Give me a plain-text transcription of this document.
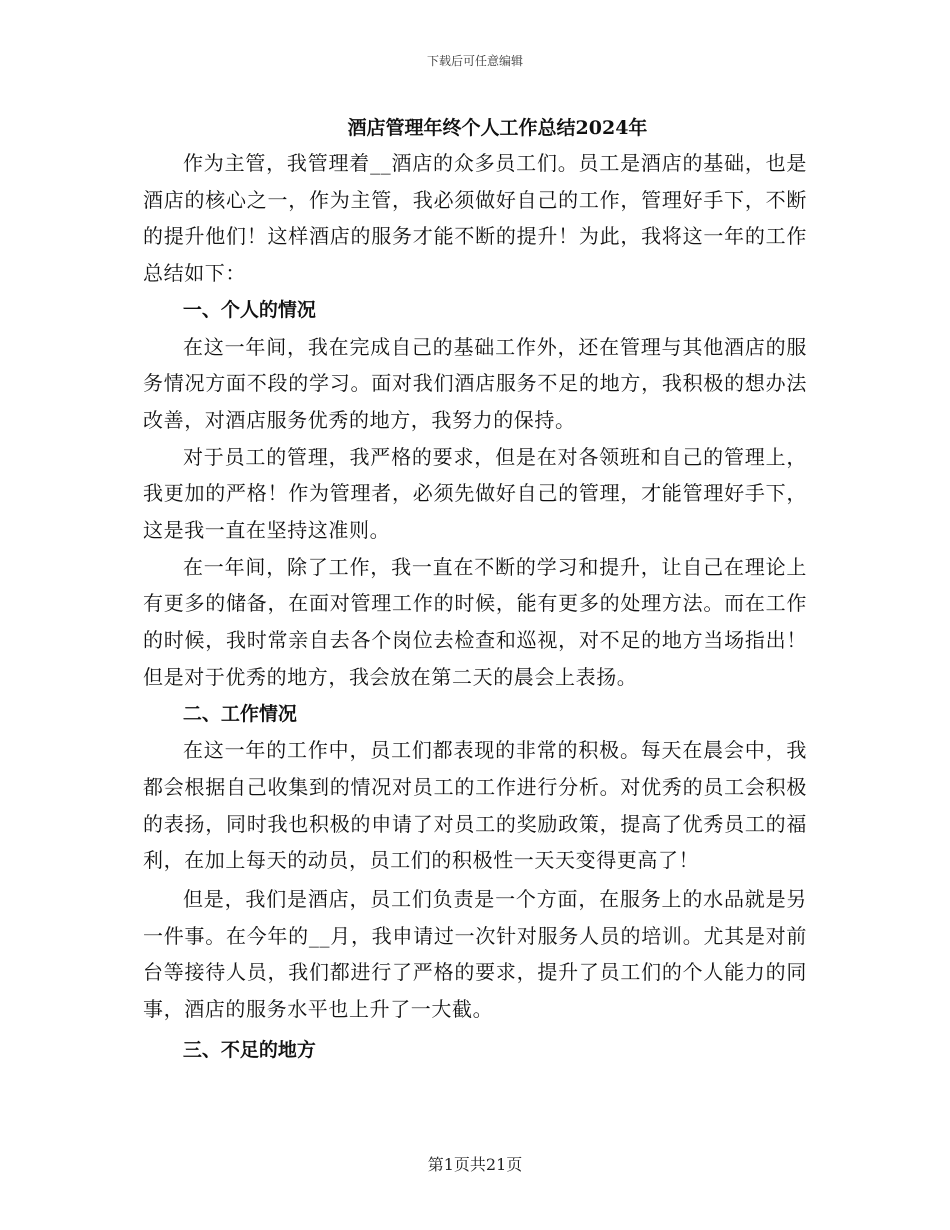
下载后可任意编辑
酒店管理年终个人工作总结2024年

作为主管，我管理着__酒店的众多员工们。员工是酒店的基础，也是酒店的核心之一，作为主管，我必须做好自己的工作，管理好手下，不断的提升他们！这样酒店的服务才能不断的提升！为此，我将这一年的工作总结如下：

一、个人的情况

在这一年间，我在完成自己的基础工作外，还在管理与其他酒店的服务情况方面不段的学习。面对我们酒店服务不足的地方，我积极的想办法改善，对酒店服务优秀的地方，我努力的保持。

对于员工的管理，我严格的要求，但是在对各领班和自己的管理上，我更加的严格！作为管理者，必须先做好自己的管理，才能管理好手下，这是我一直在坚持这准则。

在一年间，除了工作，我一直在不断的学习和提升，让自己在理论上有更多的储备，在面对管理工作的时候，能有更多的处理方法。而在工作的时候，我时常亲自去各个岗位去检查和巡视，对不足的地方当场指出！但是对于优秀的地方，我会放在第二天的晨会上表扬。

二、工作情况

在这一年的工作中，员工们都表现的非常的积极。每天在晨会中，我都会根据自己收集到的情况对员工的工作进行分析。对优秀的员工会积极的表扬，同时我也积极的申请了对员工的奖励政策，提高了优秀员工的福利，在加上每天的动员，员工们的积极性一天天变得更高了！

但是，我们是酒店，员工们负责是一个方面，在服务上的水品就是另一件事。在今年的__月，我申请过一次针对服务人员的培训。尤其是对前台等接待人员，我们都进行了严格的要求，提升了员工们的个人能力的同事，酒店的服务水平也上升了一大截。

三、不足的地方

第1页共21页
